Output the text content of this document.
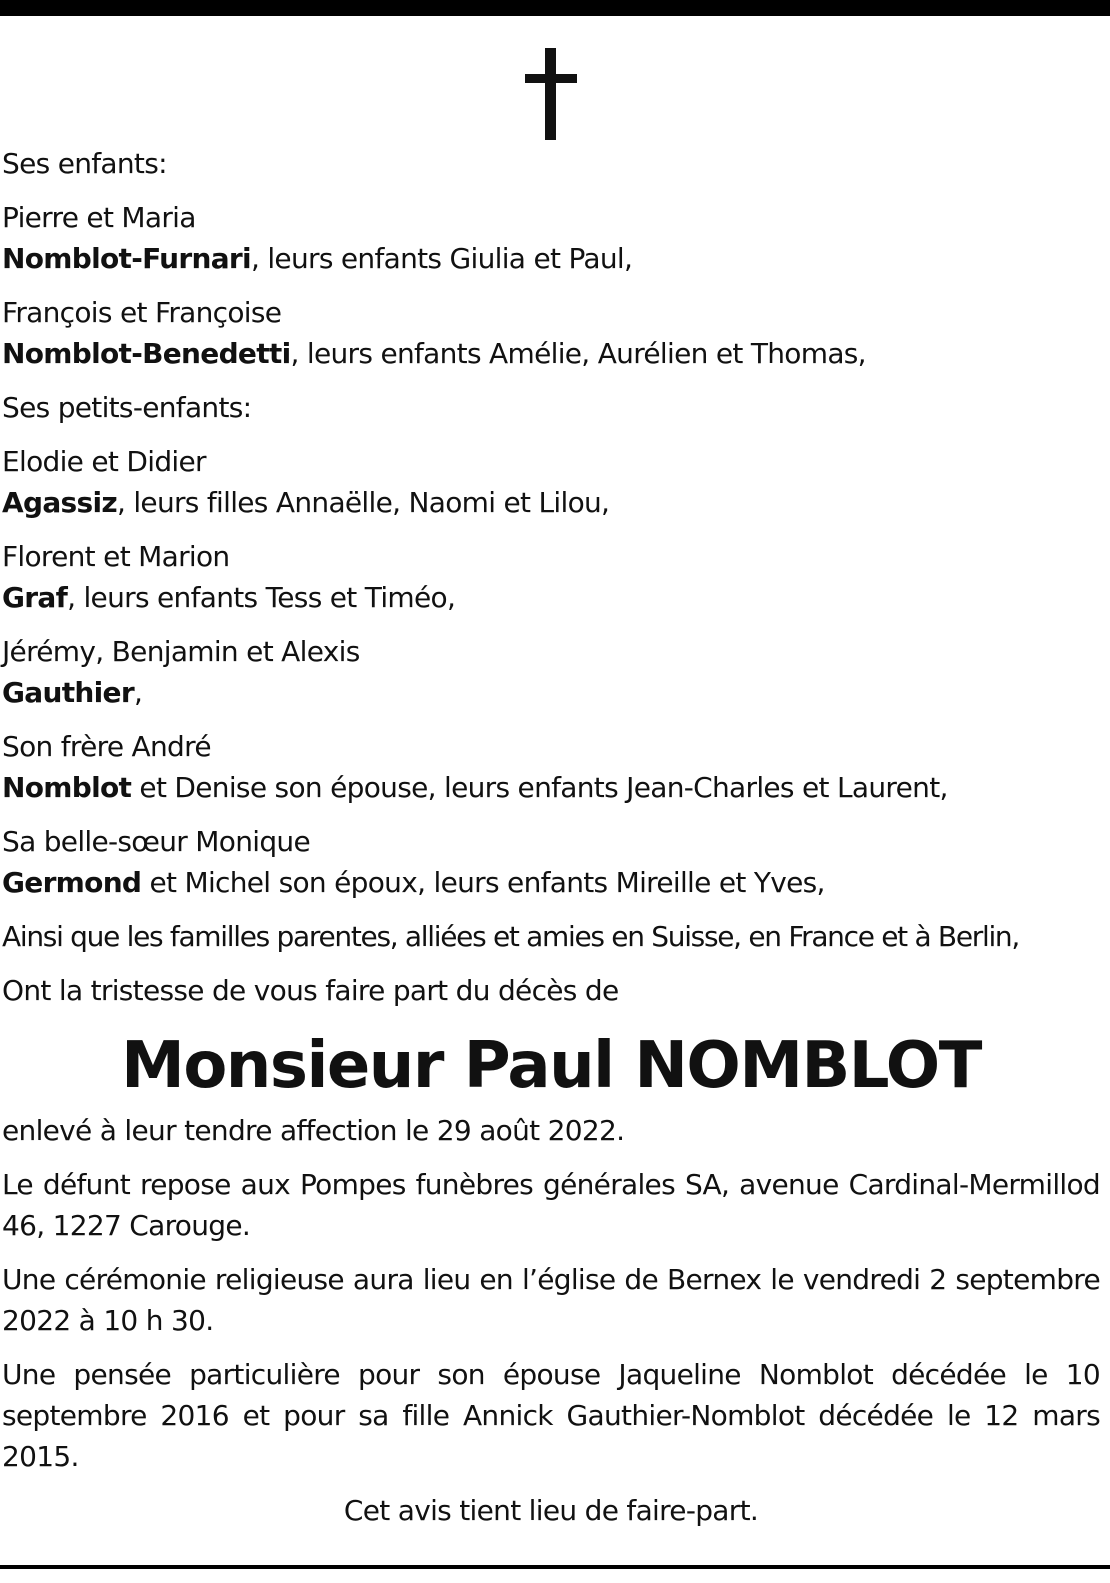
Ses enfants:

Pierre et Maria
Nomblot-Furnari, leurs enfants Giulia et Paul,

François et Françoise
Nomblot-Benedetti, leurs enfants Amélie, Aurélien et Thomas,

Ses petits-enfants:

Elodie et Didier
Agassiz, leurs filles Annaëlle, Naomi et Lilou,

Florent et Marion
Graf, leurs enfants Tess et Timéo,

Jérémy, Benjamin et Alexis
Gauthier,

Son frère André
Nomblot et Denise son épouse, leurs enfants Jean-Charles et Laurent,

Sa belle-sœur Monique
Germond et Michel son époux, leurs enfants Mireille et Yves,

Ainsi que les familles parentes, alliées et amies en Suisse, en France et à Berlin,

Ont la tristesse de vous faire part du décès de

Monsieur Paul NOMBLOT

enlevé à leur tendre affection le 29 août 2022.

Le défunt repose aux Pompes funèbres générales SA, avenue Cardinal-Mermillod 46, 1227 Carouge.

Une cérémonie religieuse aura lieu en l’église de Bernex le vendredi 2 septembre 2022 à 10 h 30.

Une pensée particulière pour son épouse Jaqueline Nomblot décédée le 10 septembre 2016 et pour sa fille Annick Gauthier-Nomblot décédée le 12 mars 2015.

Cet avis tient lieu de faire-part.
